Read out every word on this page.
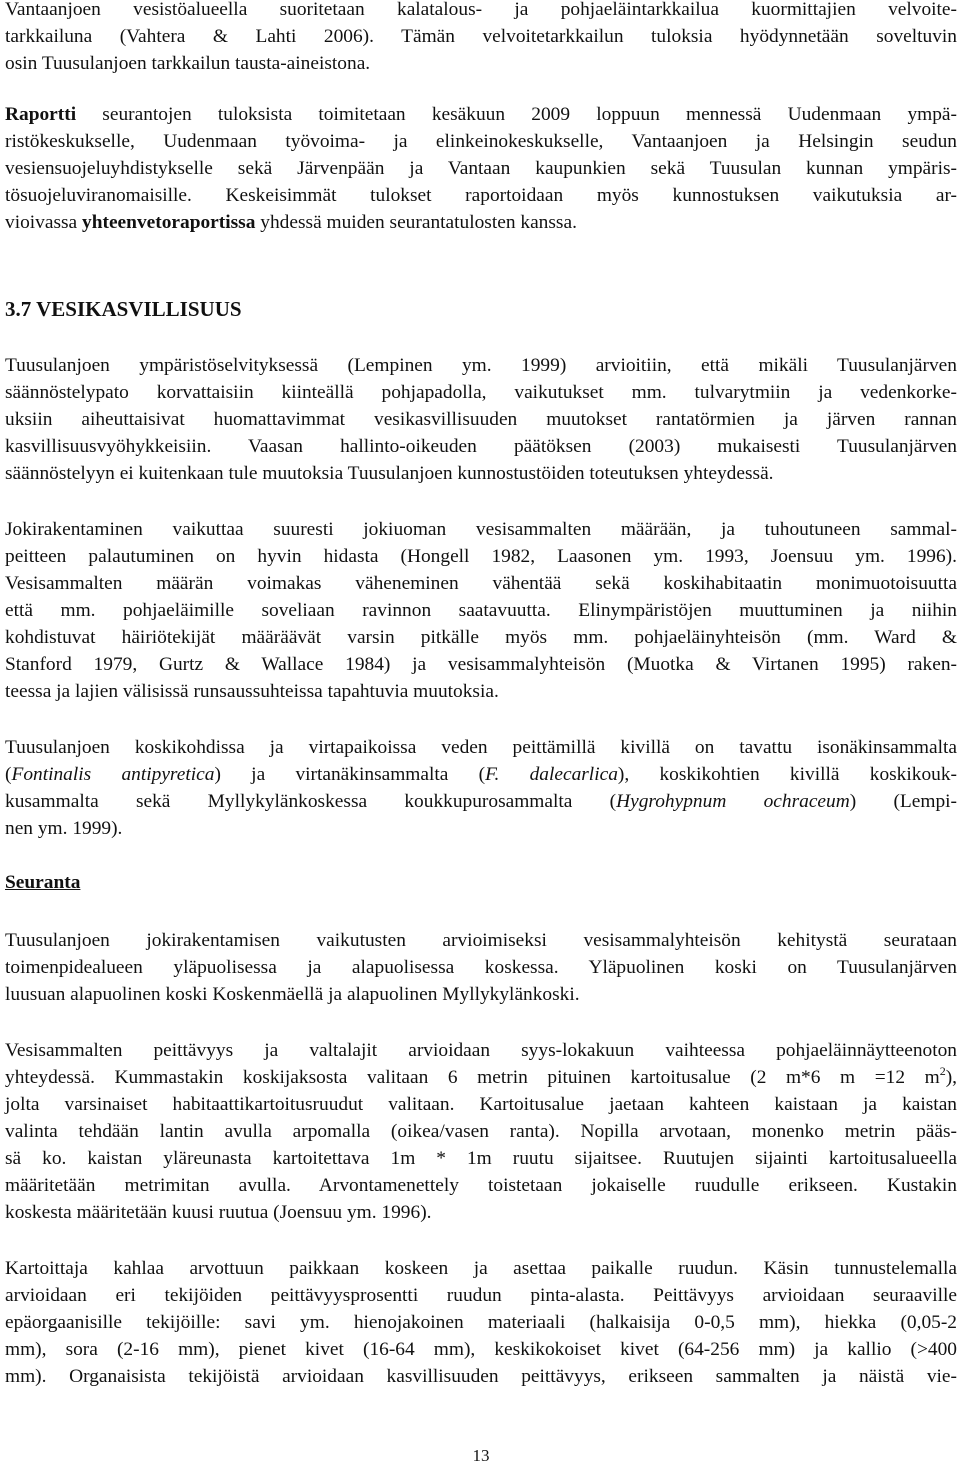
Vantaanjoen vesistöalueella suoritetaan kalatalous- ja pohjaeläintarkkailua kuormittajien velvoite-
tarkkailuna (Vahtera & Lahti 2006). Tämän velvoitetarkkailun tuloksia hyödynnetään soveltuvin
osin Tuusulanjoen tarkkailun tausta-aineistona.
Raportti seurantojen tuloksista toimitetaan kesäkuun 2009 loppuun mennessä Uudenmaan ympä-
ristökeskukselle, Uudenmaan työvoima- ja elinkeinokeskukselle, Vantaanjoen ja Helsingin seudun
vesiensuojeluyhdistykselle sekä Järvenpään ja Vantaan kaupunkien sekä Tuusulan kunnan ympäris-
tösuojeluviranomaisille. Keskeisimmät tulokset raportoidaan myös kunnostuksen vaikutuksia ar-
vioivassa yhteenvetoraportissa yhdessä muiden seurantatulosten kanssa.
3.7 VESIKASVILLISUUS
Tuusulanjoen ympäristöselvityksessä (Lempinen ym. 1999) arvioitiin, että mikäli Tuusulanjärven
säännöstelypato korvattaisiin kiinteällä pohjapadolla, vaikutukset mm. tulvarytmiin ja vedenkorke-
uksiin aiheuttaisivat huomattavimmat vesikasvillisuuden muutokset rantatörmien ja järven rannan
kasvillisuusvyöhykkeisiin. Vaasan hallinto-oikeuden päätöksen (2003) mukaisesti Tuusulanjärven
säännöstelyyn ei kuitenkaan tule muutoksia Tuusulanjoen kunnostustöiden toteutuksen yhteydessä.
Jokirakentaminen vaikuttaa suuresti jokiuoman vesisammalten määrään, ja tuhoutuneen sammal-
peitteen palautuminen on hyvin hidasta (Hongell 1982, Laasonen ym. 1993, Joensuu ym. 1996).
Vesisammalten määrän voimakas väheneminen vähentää sekä koskihabitaatin monimuotoisuutta
että mm. pohjaeläimille soveliaan ravinnon saatavuutta. Elinympäristöjen muuttuminen ja niihin
kohdistuvat häiriötekijät määräävät varsin pitkälle myös mm. pohjaeläinyhteisön (mm. Ward &
Stanford 1979, Gurtz & Wallace 1984) ja vesisammalyhteisön (Muotka & Virtanen 1995) raken-
teessa ja lajien välisissä runsaussuhteissa tapahtuvia muutoksia.
Tuusulanjoen koskikohdissa ja virtapaikoissa veden peittämillä kivillä on tavattu isonäkinsammalta
(Fontinalis antipyretica) ja virtanäkinsammalta (F. dalecarlica), koskikohtien kivillä koskikouk-
kusammalta sekä Myllykylänkoskessa koukkupurosammalta (Hygrohypnum ochraceum) (Lempi-
nen ym. 1999).
Seuranta
Tuusulanjoen jokirakentamisen vaikutusten arvioimiseksi vesisammalyhteisön kehitystä seurataan
toimenpidealueen yläpuolisessa ja alapuolisessa koskessa. Yläpuolinen koski on Tuusulanjärven
luusuan alapuolinen koski Koskenmäellä ja alapuolinen Myllykylänkoski.
Vesisammalten peittävyys ja valtalajit arvioidaan syys-lokakuun vaihteessa pohjaeläinnäytteenoton
yhteydessä. Kummastakin koskijaksosta valitaan 6 metrin pituinen kartoitusalue (2 m*6 m =12 $m^2$),
jolta varsinaiset habitaattikartoitusruudut valitaan. Kartoitusalue jaetaan kahteen kaistaan ja kaistan
valinta tehdään lantin avulla arpomalla (oikea/vasen ranta). Nopilla arvotaan, monenko metrin pääs-
sä ko. kaistan yläreunasta kartoitettava 1m * 1m ruutu sijaitsee. Ruutujen sijainti kartoitusalueella
määritetään metrimitan avulla. Arvontamenettely toistetaan jokaiselle ruudulle erikseen. Kustakin
koskesta määritetään kuusi ruutua (Joensuu ym. 1996).
Kartoittaja kahlaa arvottuun paikkaan koskeen ja asettaa paikalle ruudun. Käsin tunnustelemalla
arvioidaan eri tekijöiden peittävyysprosentti ruudun pinta-alasta. Peittävyys arvioidaan seuraaville
epäorgaanisille tekijöille: savi ym. hienojakoinen materiaali (halkaisija 0-0,5 mm), hiekka (0,05-2
mm), sora (2-16 mm), pienet kivet (16-64 mm), keskikokoiset kivet (64-256 mm) ja kallio (>400
mm). Organaisista tekijöistä arvioidaan kasvillisuuden peittävyys, erikseen sammalten ja näistä vie-
13
